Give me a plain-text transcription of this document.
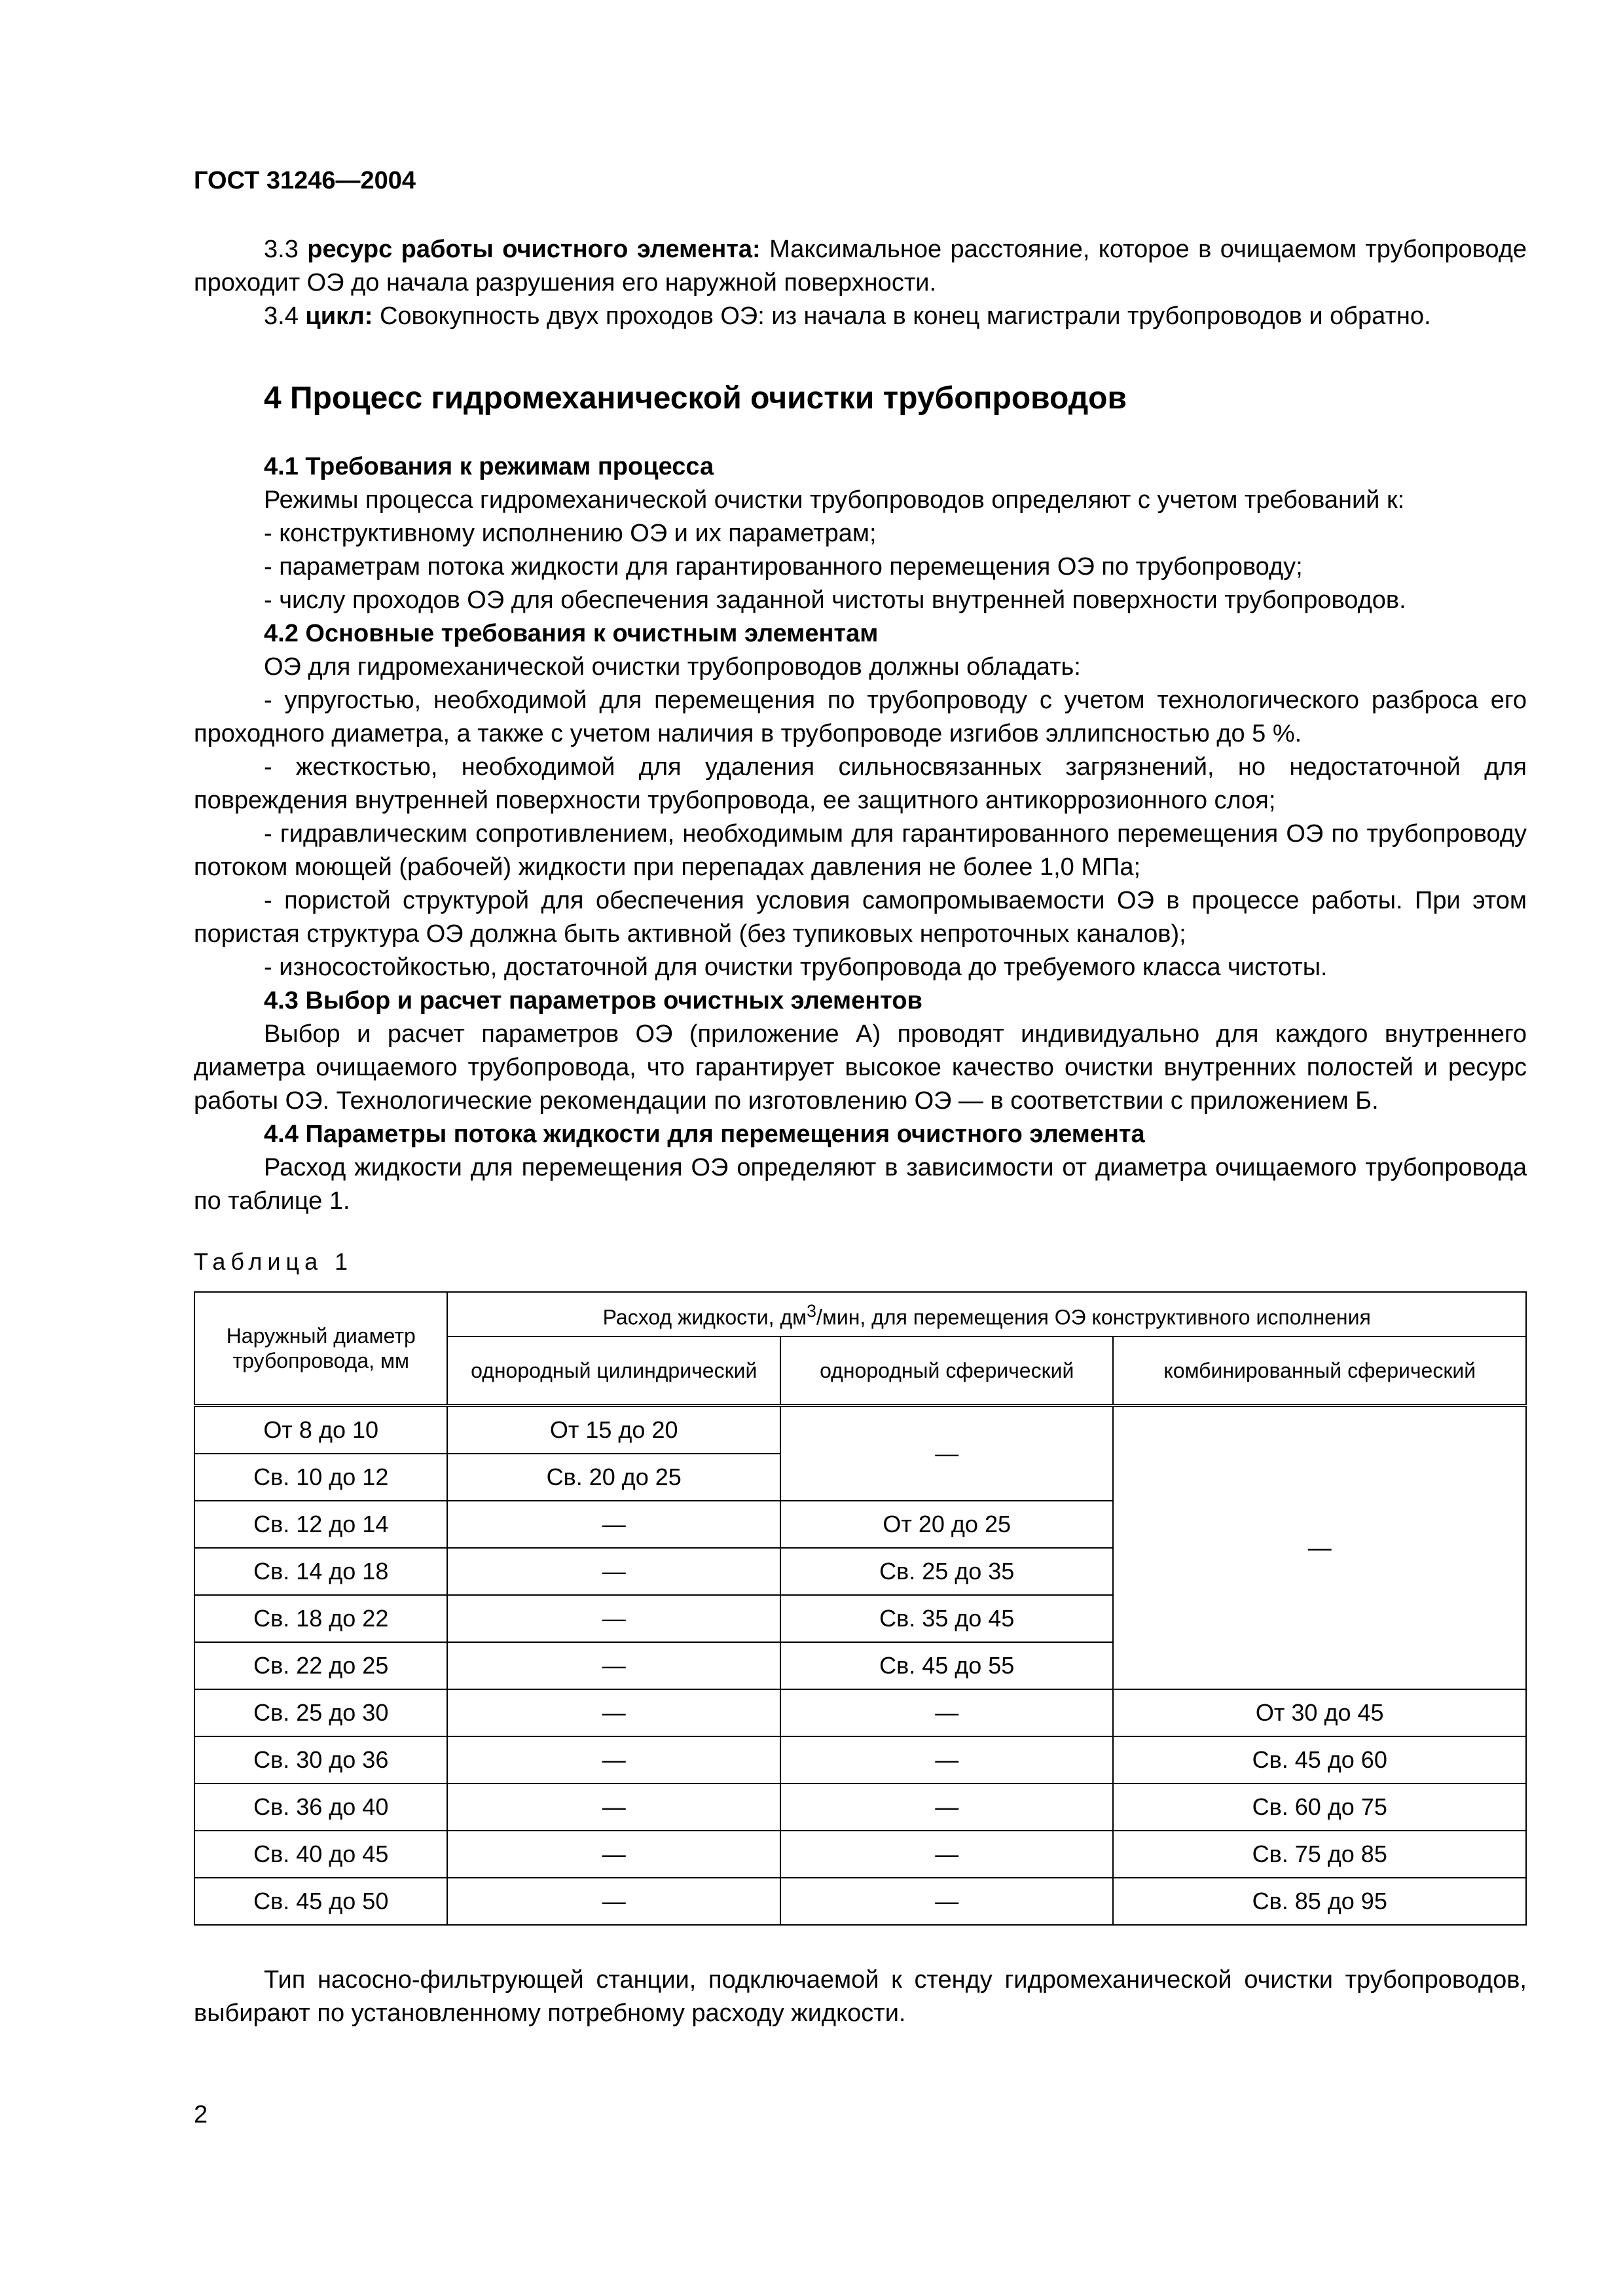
ГОСТ 31246—2004

3.3 ресурс работы очистного элемента: Максимальное расстояние, которое в очищаемом трубопроводе проходит ОЭ до начала разрушения его наружной поверхности.

3.4 цикл: Совокупность двух проходов ОЭ: из начала в конец магистрали трубопроводов и обратно.

4 Процесс гидромеханической очистки трубопроводов
4.1 Требования к режимам процесса

Режимы процесса гидромеханической очистки трубопроводов определяют с учетом требований к:

- конструктивному исполнению ОЭ и их параметрам;

- параметрам потока жидкости для гарантированного перемещения ОЭ по трубопроводу;

- числу проходов ОЭ для обеспечения заданной чистоты внутренней поверхности трубопроводов.

4.2 Основные требования к очистным элементам

ОЭ для гидромеханической очистки трубопроводов должны обладать:

- упругостью, необходимой для перемещения по трубопроводу с учетом технологического разброса его проходного диаметра, а также с учетом наличия в трубопроводе изгибов эллипсностью до 5 %.

- жесткостью, необходимой для удаления сильносвязанных загрязнений, но недостаточной для повреждения внутренней поверхности трубопровода, ее защитного антикоррозионного слоя;

- гидравлическим сопротивлением, необходимым для гарантированного перемещения ОЭ по трубопроводу потоком моющей (рабочей) жидкости при перепадах давления не более 1,0 МПа;

- пористой структурой для обеспечения условия самопромываемости ОЭ в процессе работы. При этом пористая структура ОЭ должна быть активной (без тупиковых непроточных каналов);

- износостойкостью, достаточной для очистки трубопровода до требуемого класса чистоты.

4.3 Выбор и расчет параметров очистных элементов

Выбор и расчет параметров ОЭ (приложение А) проводят индивидуально для каждого внутреннего диаметра очищаемого трубопровода, что гарантирует высокое качество очистки внутренних полостей и ресурс работы ОЭ. Технологические рекомендации по изготовлению ОЭ — в соответствии с приложением Б.

4.4 Параметры потока жидкости для перемещения очистного элемента

Расход жидкости для перемещения ОЭ определяют в зависимости от диаметра очищаемого трубопровода по таблице 1.

Таблица 1
Наружный диаметр трубопровода, мм	Расход жидкости, $дм^3$/мин, для перемещения ОЭ конструктивного исполнения		
	однородный цилиндрический	однородный сферический	комбинированный сферический
От 8 до 10	От 15 до 20	—	—
Св. 10 до 12	Св. 20 до 25		
Св. 12 до 14	—	От 20 до 25	
Св. 14 до 18	—	Св. 25 до 35	
Св. 18 до 22	—	Св. 35 до 45	
Св. 22 до 25	—	Св. 45 до 55	
Св. 25 до 30	—	—	От 30 до 45
Св. 30 до 36	—	—	Св. 45 до 60
Св. 36 до 40	—	—	Св. 60 до 75
Св. 40 до 45	—	—	Св. 75 до 85
Св. 45 до 50	—	—	Св. 85 до 95

Тип насосно-фильтрующей станции, подключаемой к стенду гидромеханической очистки трубопроводов, выбирают по установленному потребному расходу жидкости.

2
